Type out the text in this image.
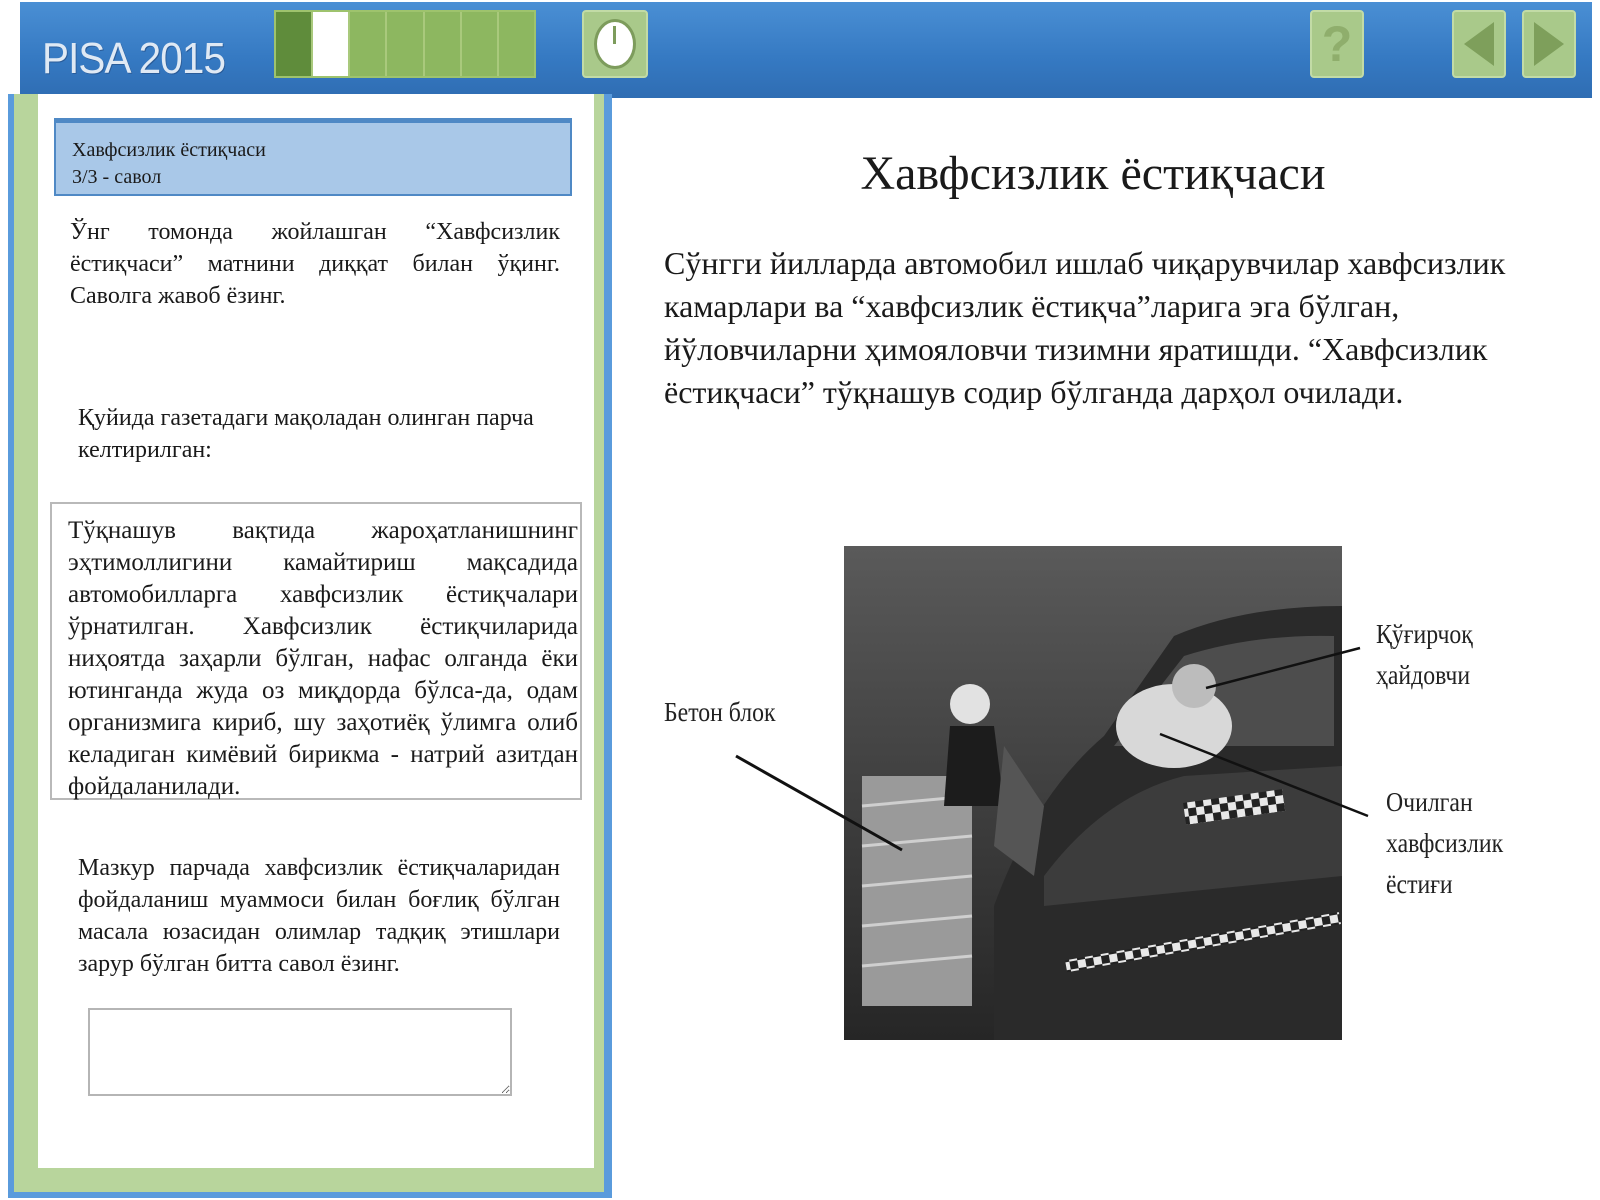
PISA 2015	?
Хавфсизлик ёстиқчаси
3/3 - савол

Ўнг томонда жойлашган “Хавфсизлик ёстиқчаси” матнини диққат билан ўқинг. Саволга жавоб ёзинг.

Қуйида газетадаги мақоладан олинган парча келтирилган:

Тўқнашув вақтида жароҳатланишнинг эҳтимоллигини камайтириш мақсадида автомобилларга хавфсизлик ёстиқчалари ўрнатилган. Хавфсизлик ёстиқчиларида ниҳоятда заҳарли бўлган, нафас олганда ёки ютинганда жуда оз миқдорда бўлса-да, одам организмига кириб, шу заҳотиёқ ўлимга олиб келадиган кимёвий бирикма - натрий азитдан фойдаланилади.

Мазкур парчада хавфсизлик ёстиқчаларидан фойдаланиш муаммоси билан боғлиқ бўлган масала юзасидан олимлар тадқиқ этишлари зарур бўлган битта савол ёзинг.

Хавфсизлик ёстиқчаси

Сўнгги йилларда автомобил ишлаб чиқарувчилар хавфсизлик камарлари ва “хавфсизлик ёстиқча”ларига эга бўлган, йўловчиларни ҳимояловчи тизимни яратишди. “Хавфсизлик ёстиқчаси” тўқнашув содир бўлганда дарҳол очилади.

Бетон блок
Қўғирчоқ ҳайдовчи
Очилган хавфсизлик ёстиғи
